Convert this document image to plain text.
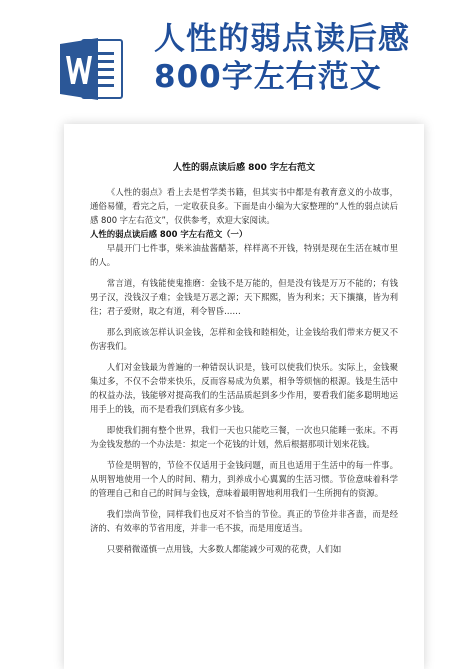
人性的弱点读后感
800字左右范文
人性的弱点读后感 800 字左右范文

《人性的弱点》看上去是哲学类书籍，但其实书中都是有教育意义的小故事，通俗易懂，看完之后，一定收获良多。下面是由小编为大家整理的“人性的弱点读后感 800 字左右范文”，仅供参考，欢迎大家阅读。

人性的弱点读后感 800 字左右范文（一）

早晨开门七件事，柴米油盐酱醋茶，样样离不开钱，特别是现在生活在城市里的人。

常言道，有钱能使鬼推磨：金钱不是万能的，但是没有钱是万万不能的；有钱男子汉，没钱汉子难；金钱是万恶之源；天下熙熙，皆为利来；天下攘攘，皆为利往；君子爱财，取之有道，利令智昏……

那么到底该怎样认识金钱，怎样和金钱和睦相处，让金钱给我们带来方便又不伤害我们。

人们对金钱最为普遍的一种错误认识是，钱可以使我们快乐。实际上，金钱聚集过多，不仅不会带来快乐，反而容易成为负累，相争等烦恼的根源。钱是生活中的权益办法，钱能够对提高我们的生活品质起到多少作用，要看我们能多聪明地运用手上的钱，而不是看我们到底有多少钱。

即使我们拥有整个世界，我们一天也只能吃三餐，一次也只能睡一张床。不再为金钱发愁的一个办法是：拟定一个花钱的计划，然后根据那项计划来花钱。

节俭是明智的，节俭不仅适用于金钱问题，而且也适用于生活中的每一件事。从明智地使用一个人的时间、精力，到养成小心翼翼的生活习惯。节俭意味着科学的管理自己和自己的时间与金钱，意味着最明智地利用我们一生所拥有的资源。

我们崇尚节俭，同样我们也反对不恰当的节俭。真正的节俭并非吝啬，而是经济的、有效率的节省用度，并非一毛不拔，而是用度适当。

只要稍微谨慎一点用钱，大多数人都能减少可观的花费，人们如
